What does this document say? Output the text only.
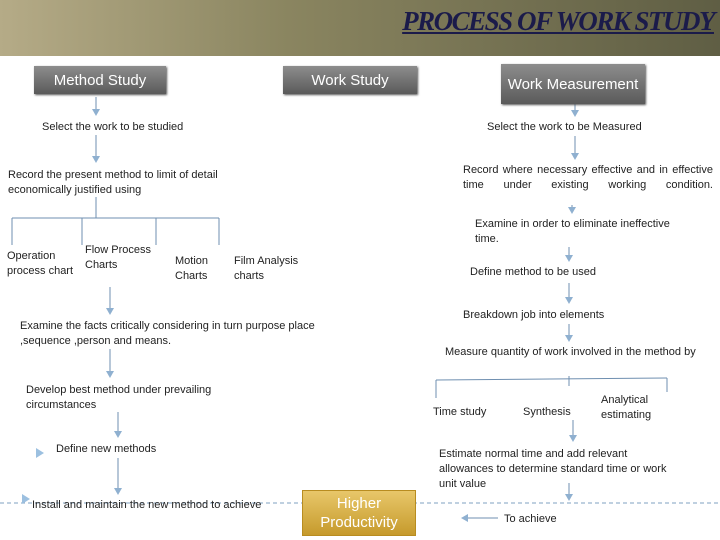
PROCESS OF WORK STUDY
Method Study	Work Study	Work Measurement
Select the work to be studied
Record the present method to limit of detail economically justified using
Operation process chart
Flow Process Charts	Motion Charts
Film Analysis charts
Examine the facts critically considering in turn purpose place ,sequence ,person and means.
Develop best method under prevailing circumstances
Define new methods
Install and maintain the new method to achieve
Select the work to be Measured
Record where necessary effective and in effective time under existing working condition.
Examine in order to eliminate ineffective time.
Define method to be used
Breakdown job into elements
Measure quantity of work involved in the method by
Time study	Synthesis
Analytical estimating
Estimate normal time and add relevant allowances to determine standard time or work unit value
To achieve
Higher Productivity
